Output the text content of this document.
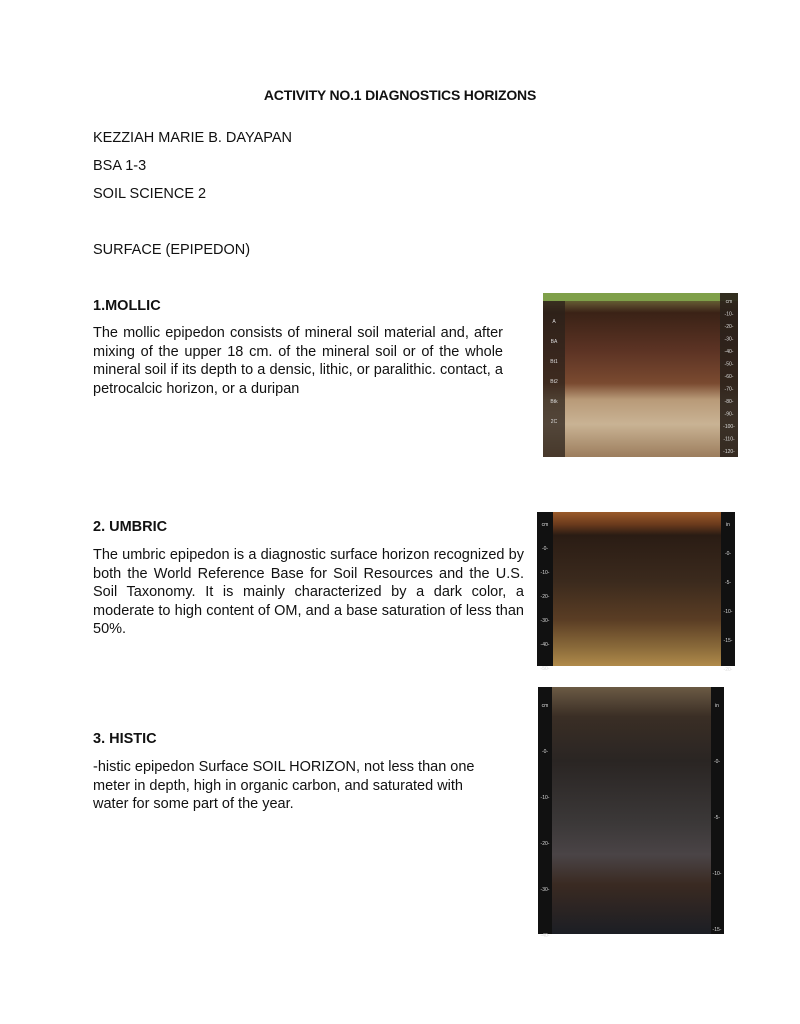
ACTIVITY NO.1 DIAGNOSTICS HORIZONS
KEZZIAH MARIE B. DAYAPAN
BSA 1-3
SOIL SCIENCE 2
SURFACE (EPIPEDON)
1.MOLLIC
The mollic epipedon consists of mineral soil material and, after mixing of the upper 18 cm. of the mineral soil or of the whole mineral soil if its depth to a densic, lithic, or paralithic. contact, a petrocalcic horizon, or a duripan
A
BA
Bt1
Bt2
Btk
2C
cm
-10-
-20-
-30-
-40-
-50-
-60-
-70-
-80-
-90-
-100-
-110-
-120-
2. UMBRIC
The umbric epipedon is a diagnostic surface horizon recognized by both the World Reference Base for Soil Resources and the U.S. Soil Taxonomy. It is mainly characterized by a dark color, a moderate to high content of OM, and a base saturation of less than 50%.
cm
-0-
-10-
-20-
-30-
-40-
-50-
in
-0-
-5-
-10-
-15-
-20-
3. HISTIC
-histic epipedon Surface SOIL HORIZON, not less than one meter in depth, high in organic carbon, and saturated with water for some part of the year.
cm
-0-
-10-
-20-
-30-
-40-
in
-0-
-5-
-10-
-15-
